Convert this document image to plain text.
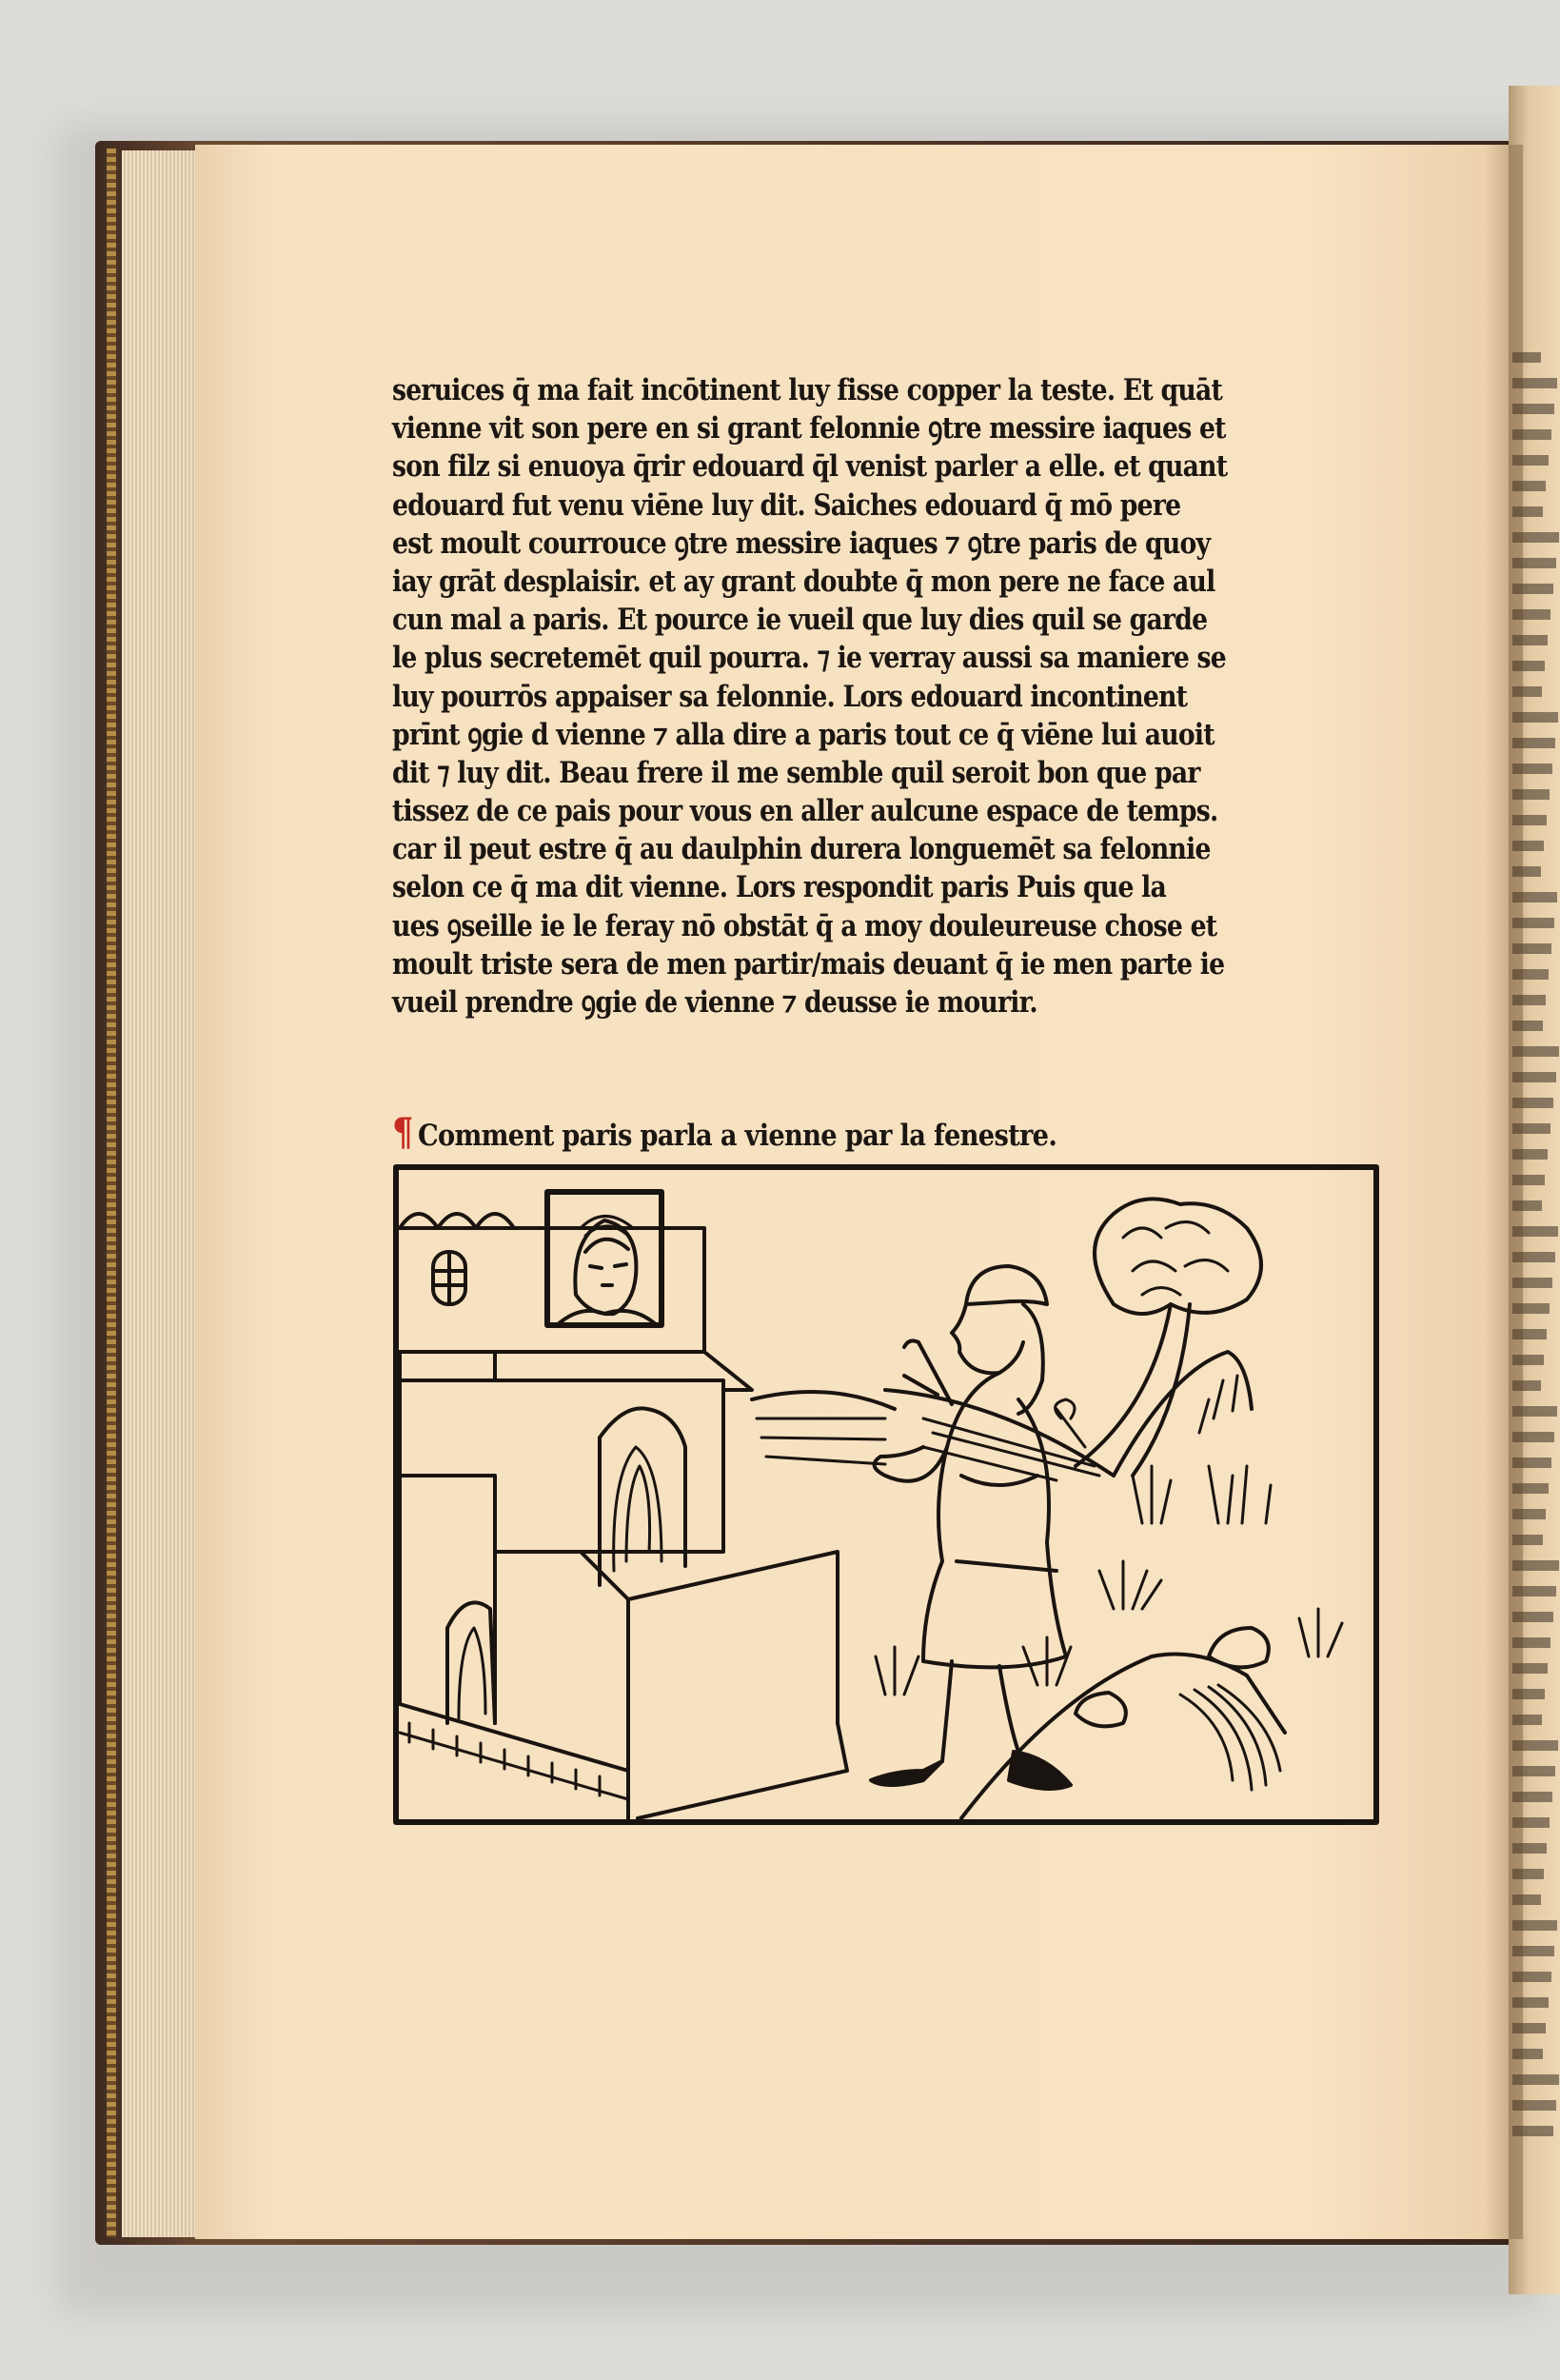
seruices q̄ ma fait incōtinent luy fisse copper la teste. Et quāt
vienne vit son pere en si grant felonnie ꝯtre messire iaques et
son filz si enuoya q̄rir edouard q̄l venist parler a elle. et quant
edouard fut venu viēne luy dit. Saiches edouard q̄ mō pere
est moult courrouce ꝯtre messire iaques ⁊ ꝯtre paris de quoy
iay grāt desplaisir. et ay grant doubte q̄ mon pere ne face aul
cun mal a paris. Et pource ie vueil que luy dies quil se garde
le plus secretemēt quil pourra. ⁊ ie verray aussi sa maniere se
luy pourrōs appaiser sa felonnie. Lors edouard incontinent
prīnt ꝯgie d vienne ⁊ alla dire a paris tout ce q̄ viēne lui auoit
dit ⁊ luy dit. Beau frere il me semble quil seroit bon que par
tissez de ce pais pour vous en aller aulcune espace de temps.
car il peut estre q̄ au daulphin durera longuemēt sa felonnie
selon ce q̄ ma dit vienne. Lors respondit paris Puis que la
ues ꝯseille ie le feray nō obstāt q̄ a moy douleureuse chose et
moult triste sera de men partir/mais deuant q̄ ie men parte ie
vueil prendre ꝯgie de vienne ⁊ deusse ie mourir.
¶ Comment paris parla a vienne par la fenestre.
